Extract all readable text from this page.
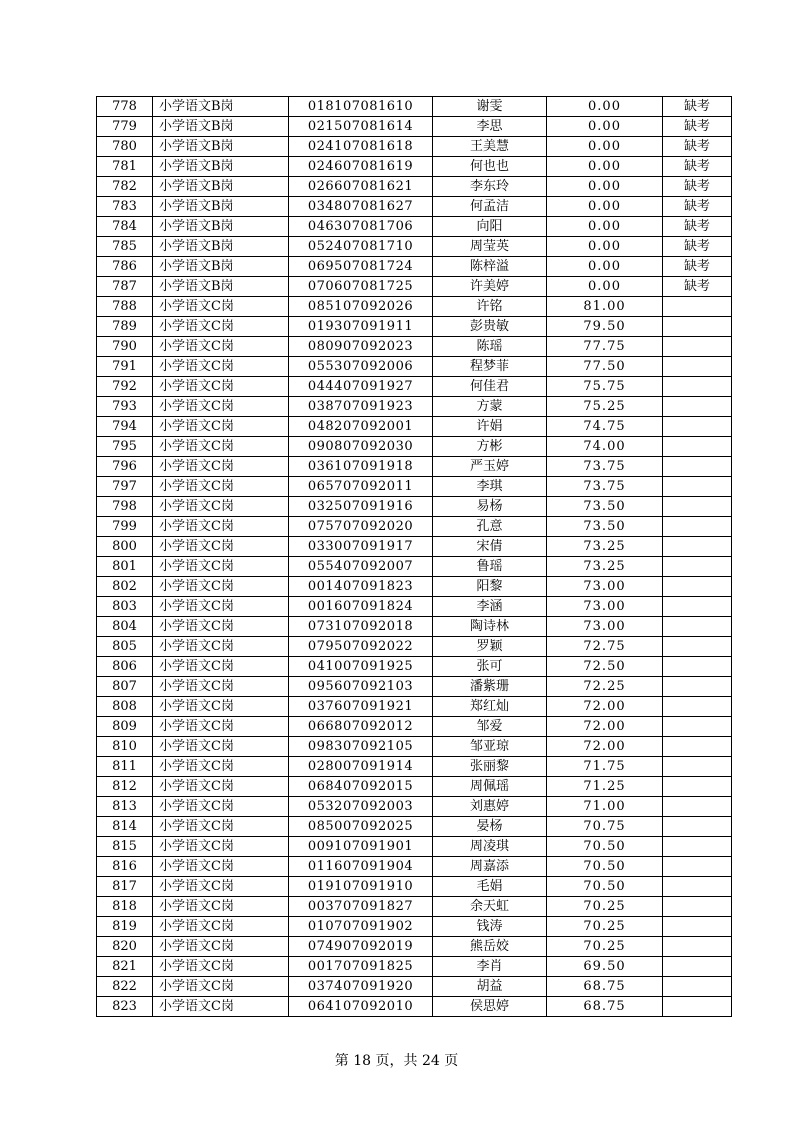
778	小学语文B岗	018107081610	谢雯	0.00	缺考
779	小学语文B岗	021507081614	李思	0.00	缺考
780	小学语文B岗	024107081618	王美慧	0.00	缺考
781	小学语文B岗	024607081619	何也也	0.00	缺考
782	小学语文B岗	026607081621	李东玲	0.00	缺考
783	小学语文B岗	034807081627	何孟洁	0.00	缺考
784	小学语文B岗	046307081706	向阳	0.00	缺考
785	小学语文B岗	052407081710	周莹英	0.00	缺考
786	小学语文B岗	069507081724	陈梓溢	0.00	缺考
787	小学语文B岗	070607081725	许美婷	0.00	缺考
788	小学语文C岗	085107092026	许铭	81.00	
789	小学语文C岗	019307091911	彭贵敏	79.50	
790	小学语文C岗	080907092023	陈瑶	77.75	
791	小学语文C岗	055307092006	程梦菲	77.50	
792	小学语文C岗	044407091927	何佳君	75.75	
793	小学语文C岗	038707091923	方蒙	75.25	
794	小学语文C岗	048207092001	许娟	74.75	
795	小学语文C岗	090807092030	方彬	74.00	
796	小学语文C岗	036107091918	严玉婷	73.75	
797	小学语文C岗	065707092011	李琪	73.75	
798	小学语文C岗	032507091916	易杨	73.50	
799	小学语文C岗	075707092020	孔意	73.50	
800	小学语文C岗	033007091917	宋倩	73.25	
801	小学语文C岗	055407092007	鲁瑶	73.25	
802	小学语文C岗	001407091823	阳黎	73.00	
803	小学语文C岗	001607091824	李涵	73.00	
804	小学语文C岗	073107092018	陶诗林	73.00	
805	小学语文C岗	079507092022	罗颖	72.75	
806	小学语文C岗	041007091925	张可	72.50	
807	小学语文C岗	095607092103	潘紫珊	72.25	
808	小学语文C岗	037607091921	郑红灿	72.00	
809	小学语文C岗	066807092012	邹爱	72.00	
810	小学语文C岗	098307092105	邹亚琼	72.00	
811	小学语文C岗	028007091914	张丽黎	71.75	
812	小学语文C岗	068407092015	周佩瑶	71.25	
813	小学语文C岗	053207092003	刘惠婷	71.00	
814	小学语文C岗	085007092025	晏杨	70.75	
815	小学语文C岗	009107091901	周凌琪	70.50	
816	小学语文C岗	011607091904	周嘉添	70.50	
817	小学语文C岗	019107091910	毛娟	70.50	
818	小学语文C岗	003707091827	余天虹	70.25	
819	小学语文C岗	010707091902	钱涛	70.25	
820	小学语文C岗	074907092019	熊岳姣	70.25	
821	小学语文C岗	001707091825	李肖	69.50	
822	小学语文C岗	037407091920	胡益	68.75	
823	小学语文C岗	064107092010	侯思婷	68.75	
第 18 页，共 24 页
